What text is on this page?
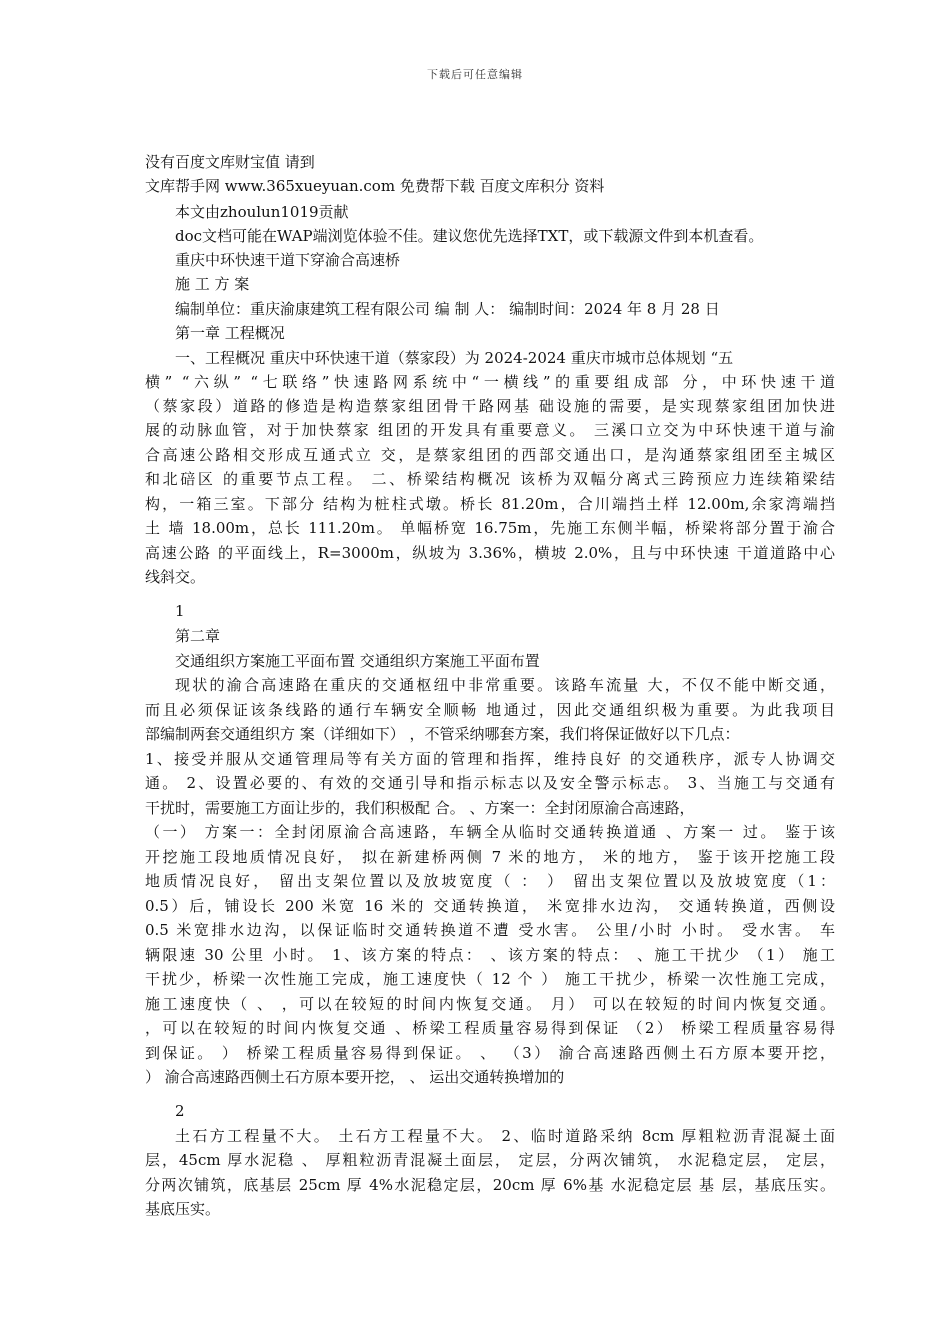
下载后可任意编辑
没有百度文库财宝值 请到
文库帮手网 www.365xueyuan.com 免费帮下载 百度文库积分 资料
本文由zhoulun1019贡献
doc文档可能在WAP端浏览体验不佳。建议您优先选择TXT，或下载源文件到本机查看。
重庆中环快速干道下穿渝合高速桥
施 工 方 案
编制单位：重庆渝康建筑工程有限公司 编 制 人： 编制时间：2024 年 8 月 28 日
第一章 工程概况
一、工程概况 重庆中环快速干道（蔡家段）为 2024-2024 重庆市城市总体规划 “五
横” “六纵” “七联络”快速路网系统中“一横线”的重要组成部 分，中环快速干道
（蔡家段）道路的修造是构造蔡家组团骨干路网基 础设施的需要，是实现蔡家组团加快进
展的动脉血管，对于加快蔡家 组团的开发具有重要意义。 三溪口立交为中环快速干道与渝
合高速公路相交形成互通式立 交，是蔡家组团的西部交通出口，是沟通蔡家组团至主城区
和北碚区 的重要节点工程。 二、桥梁结构概况 该桥为双幅分离式三跨预应力连续箱梁结
构，一箱三室。下部分 结构为桩柱式墩。桥长 81.20m，合川端挡土样 12.00m,余家湾端挡
土 墙 18.00m，总长 111.20m。 单幅桥宽 16.75m，先施工东侧半幅，桥梁将部分置于渝合
高速公路 的平面线上，R=3000m，纵坡为 3.36%，横坡 2.0%，且与中环快速 干道道路中心
线斜交。
1
第二章
交通组织方案施工平面布置 交通组织方案施工平面布置
现状的渝合高速路在重庆的交通枢纽中非常重要。该路车流量 大，不仅不能中断交通，
而且必须保证该条线路的通行车辆安全顺畅 地通过，因此交通组织极为重要。为此我项目
部编制两套交通组织方 案（详细如下） ，不管采纳哪套方案，我们将保证做好以下几点：
1、接受并服从交通管理局等有关方面的管理和指挥，维持良好 的交通秩序，派专人协调交
通。 2、设置必要的、有效的交通引导和指示标志以及安全警示标志。 3、当施工与交通有
干扰时，需要施工方面让步的，我们积极配 合。 、方案一：全封闭原渝合高速路，
（一） 方案一：全封闭原渝合高速路，车辆全从临时交通转换道通 、方案一 过。 鉴于该
开挖施工段地质情况良好， 拟在新建桥两侧 7 米的地方， 米的地方， 鉴于该开挖施工段
地质情况良好， 留出支架位置以及放坡宽度（ ： ） 留出支架位置以及放坡宽度（1：
0.5）后，铺设长 200 米宽 16 米的 交通转换道， 米宽排水边沟， 交通转换道，西侧设
0.5 米宽排水边沟，以保证临时交通转换道不遭 受水害。 公里/小时 小时。 受水害。 车
辆限速 30 公里 小时。 1、该方案的特点： 、该方案的特点： 、施工干扰少 （1） 施工
干扰少，桥梁一次性施工完成，施工速度快（ 12 个 ） 施工干扰少，桥梁一次性施工完成，
施工速度快（ 、 ，可以在较短的时间内恢复交通。 月） 可以在较短的时间内恢复交通。
，可以在较短的时间内恢复交通 、桥梁工程质量容易得到保证 （2） 桥梁工程质量容易得
到保证。 ） 桥梁工程质量容易得到保证。 、 （3） 渝合高速路西侧土石方原本要开挖，
） 渝合高速路西侧土石方原本要开挖， 、 运出交通转换增加的
2
土石方工程量不大。 土石方工程量不大。 2、临时道路采纳 8cm 厚粗粒沥青混凝土面
层，45cm 厚水泥稳 、 厚粗粒沥青混凝土面层， 定层，分两次铺筑， 水泥稳定层， 定层，
分两次铺筑，底基层 25cm 厚 4%水泥稳定层，20cm 厚 6%基 水泥稳定层 基 层，基底压实。
基底压实。
